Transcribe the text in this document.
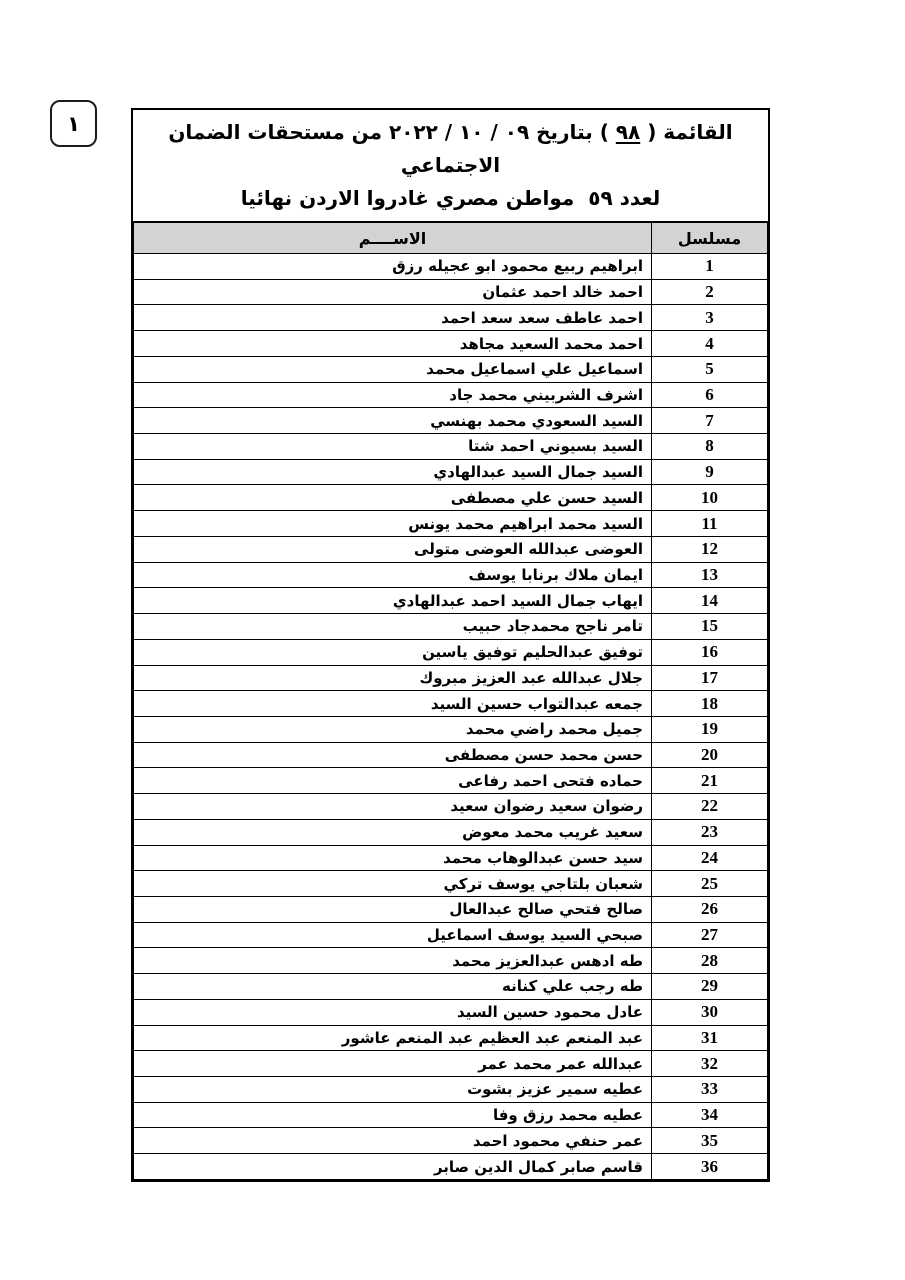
١	القائمة ( ٩٨ ) بتاريخ ٠٩ / ١٠ / ٢٠٢٢ من مستحقات الضمان الاجتماعي
لعدد ٥٩  مواطن مصري غادروا الاردن نهائيا
مسلسل	الاســــم
1	ابراهيم ربيع محمود ابو عجيله رزق
2	احمد خالد احمد عثمان
3	احمد عاطف سعد سعد احمد
4	احمد محمد السعيد مجاهد
5	اسماعيل علي اسماعيل محمد
6	اشرف الشربيني محمد جاد
7	السيد السعودي محمد بهنسي
8	السيد بسيوني احمد شتا
9	السيد جمال السيد عبدالهادي
10	السيد حسن علي مصطفى
11	السيد محمد ابراهيم محمد يونس
12	العوضى عبدالله العوضى متولى
13	ايمان ملاك برنابا يوسف
14	ايهاب جمال السيد احمد عبدالهادي
15	تامر ناجح محمدجاد حبيب
16	توفيق عبدالحليم توفيق ياسين
17	جلال عبدالله عبد العزيز مبروك
18	جمعه عبدالتواب حسين السيد
19	جميل محمد راضي محمد
20	حسن محمد حسن مصطفى
21	حماده فتحى احمد رفاعى
22	رضوان سعيد رضوان سعيد
23	سعيد غريب محمد معوض
24	سيد حسن عبدالوهاب محمد
25	شعبان بلتاجي يوسف تركي
26	صالح فتحي صالح عبدالعال
27	صبحي السيد يوسف اسماعيل
28	طه ادهس عبدالعزيز محمد
29	طه رجب علي كنانه
30	عادل محمود حسين السيد
31	عبد المنعم عبد العظيم عبد المنعم عاشور
32	عبدالله عمر محمد عمر
33	عطيه سمير عزيز بشوت
34	عطيه محمد رزق وفا
35	عمر حنفي محمود احمد
36	قاسم صابر كمال الدين صابر
